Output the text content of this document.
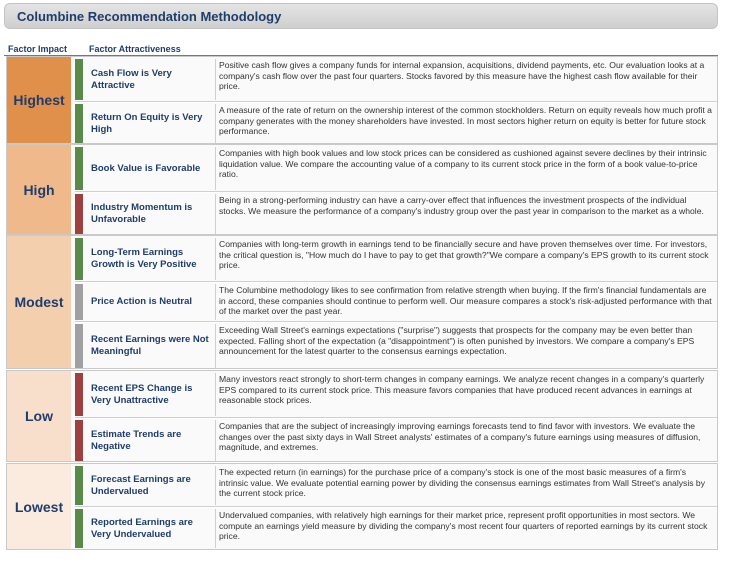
Columbine Recommendation Methodology
Factor Impact Factor Attractiveness
Highest
Cash Flow is Very Attractive
Positive cash flow gives a company funds for internal expansion, acquisitions, dividend payments, etc. Our evaluation looks at a company's cash flow over the past four quarters. Stocks favored by this measure have the highest cash flow available for their price.
Return On Equity is Very High
A measure of the rate of return on the ownership interest of the common stockholders. Return on equity reveals how much profit a company generates with the money shareholders have invested. In most sectors higher return on equity is better for future stock performance.
High
Book Value is Favorable
Companies with high book values and low stock prices can be considered as cushioned against severe declines by their intrinsic liquidation value. We compare the accounting value of a company to its current stock price in the form of a book value-to-price ratio.
Industry Momentum is Unfavorable
Being in a strong-performing industry can have a carry-over effect that influences the investment prospects of the individual stocks. We measure the performance of a company's industry group over the past year in comparison to the market as a whole.
Modest
Long-Term Earnings Growth is Very Positive
Companies with long-term growth in earnings tend to be financially secure and have proven themselves over time. For investors, the critical question is, "How much do I have to pay to get that growth?"We compare a company's EPS growth to its current stock price.
Price Action is Neutral
The Columbine methodology likes to see confirmation from relative strength when buying. If the firm's financial fundamentals are in accord, these companies should continue to perform well. Our measure compares a stock's risk-adjusted performance with that of the market over the past year.
Recent Earnings were Not Meaningful
Exceeding Wall Street's earnings expectations ("surprise") suggests that prospects for the company may be even better than expected. Falling short of the expectation (a "disappointment") is often punished by investors. We compare a company's EPS announcement for the latest quarter to the consensus earnings expectation.
Low
Recent EPS Change is Very Unattractive
Many investors react strongly to short-term changes in company earnings. We analyze recent changes in a company's quarterly EPS compared to its current stock price. This measure favors companies that have produced recent advances in earnings at reasonable stock prices.
Estimate Trends are Negative
Companies that are the subject of increasingly improving earnings forecasts tend to find favor with investors. We evaluate the changes over the past sixty days in Wall Street analysts' estimates of a company's future earnings using measures of diffusion, magnitude, and extremes.
Lowest
Forecast Earnings are Undervalued
The expected return (in earnings) for the purchase price of a company's stock is one of the most basic measures of a firm's intrinsic value. We evaluate potential earning power by dividing the consensus earnings estimates from Wall Street's analysis by the current stock price.
Reported Earnings are Very Undervalued
Undervalued companies, with relatively high earnings for their market price, represent profit opportunities in most sectors. We compute an earnings yield measure by dividing the company's most recent four quarters of reported earnings by its current stock price.
